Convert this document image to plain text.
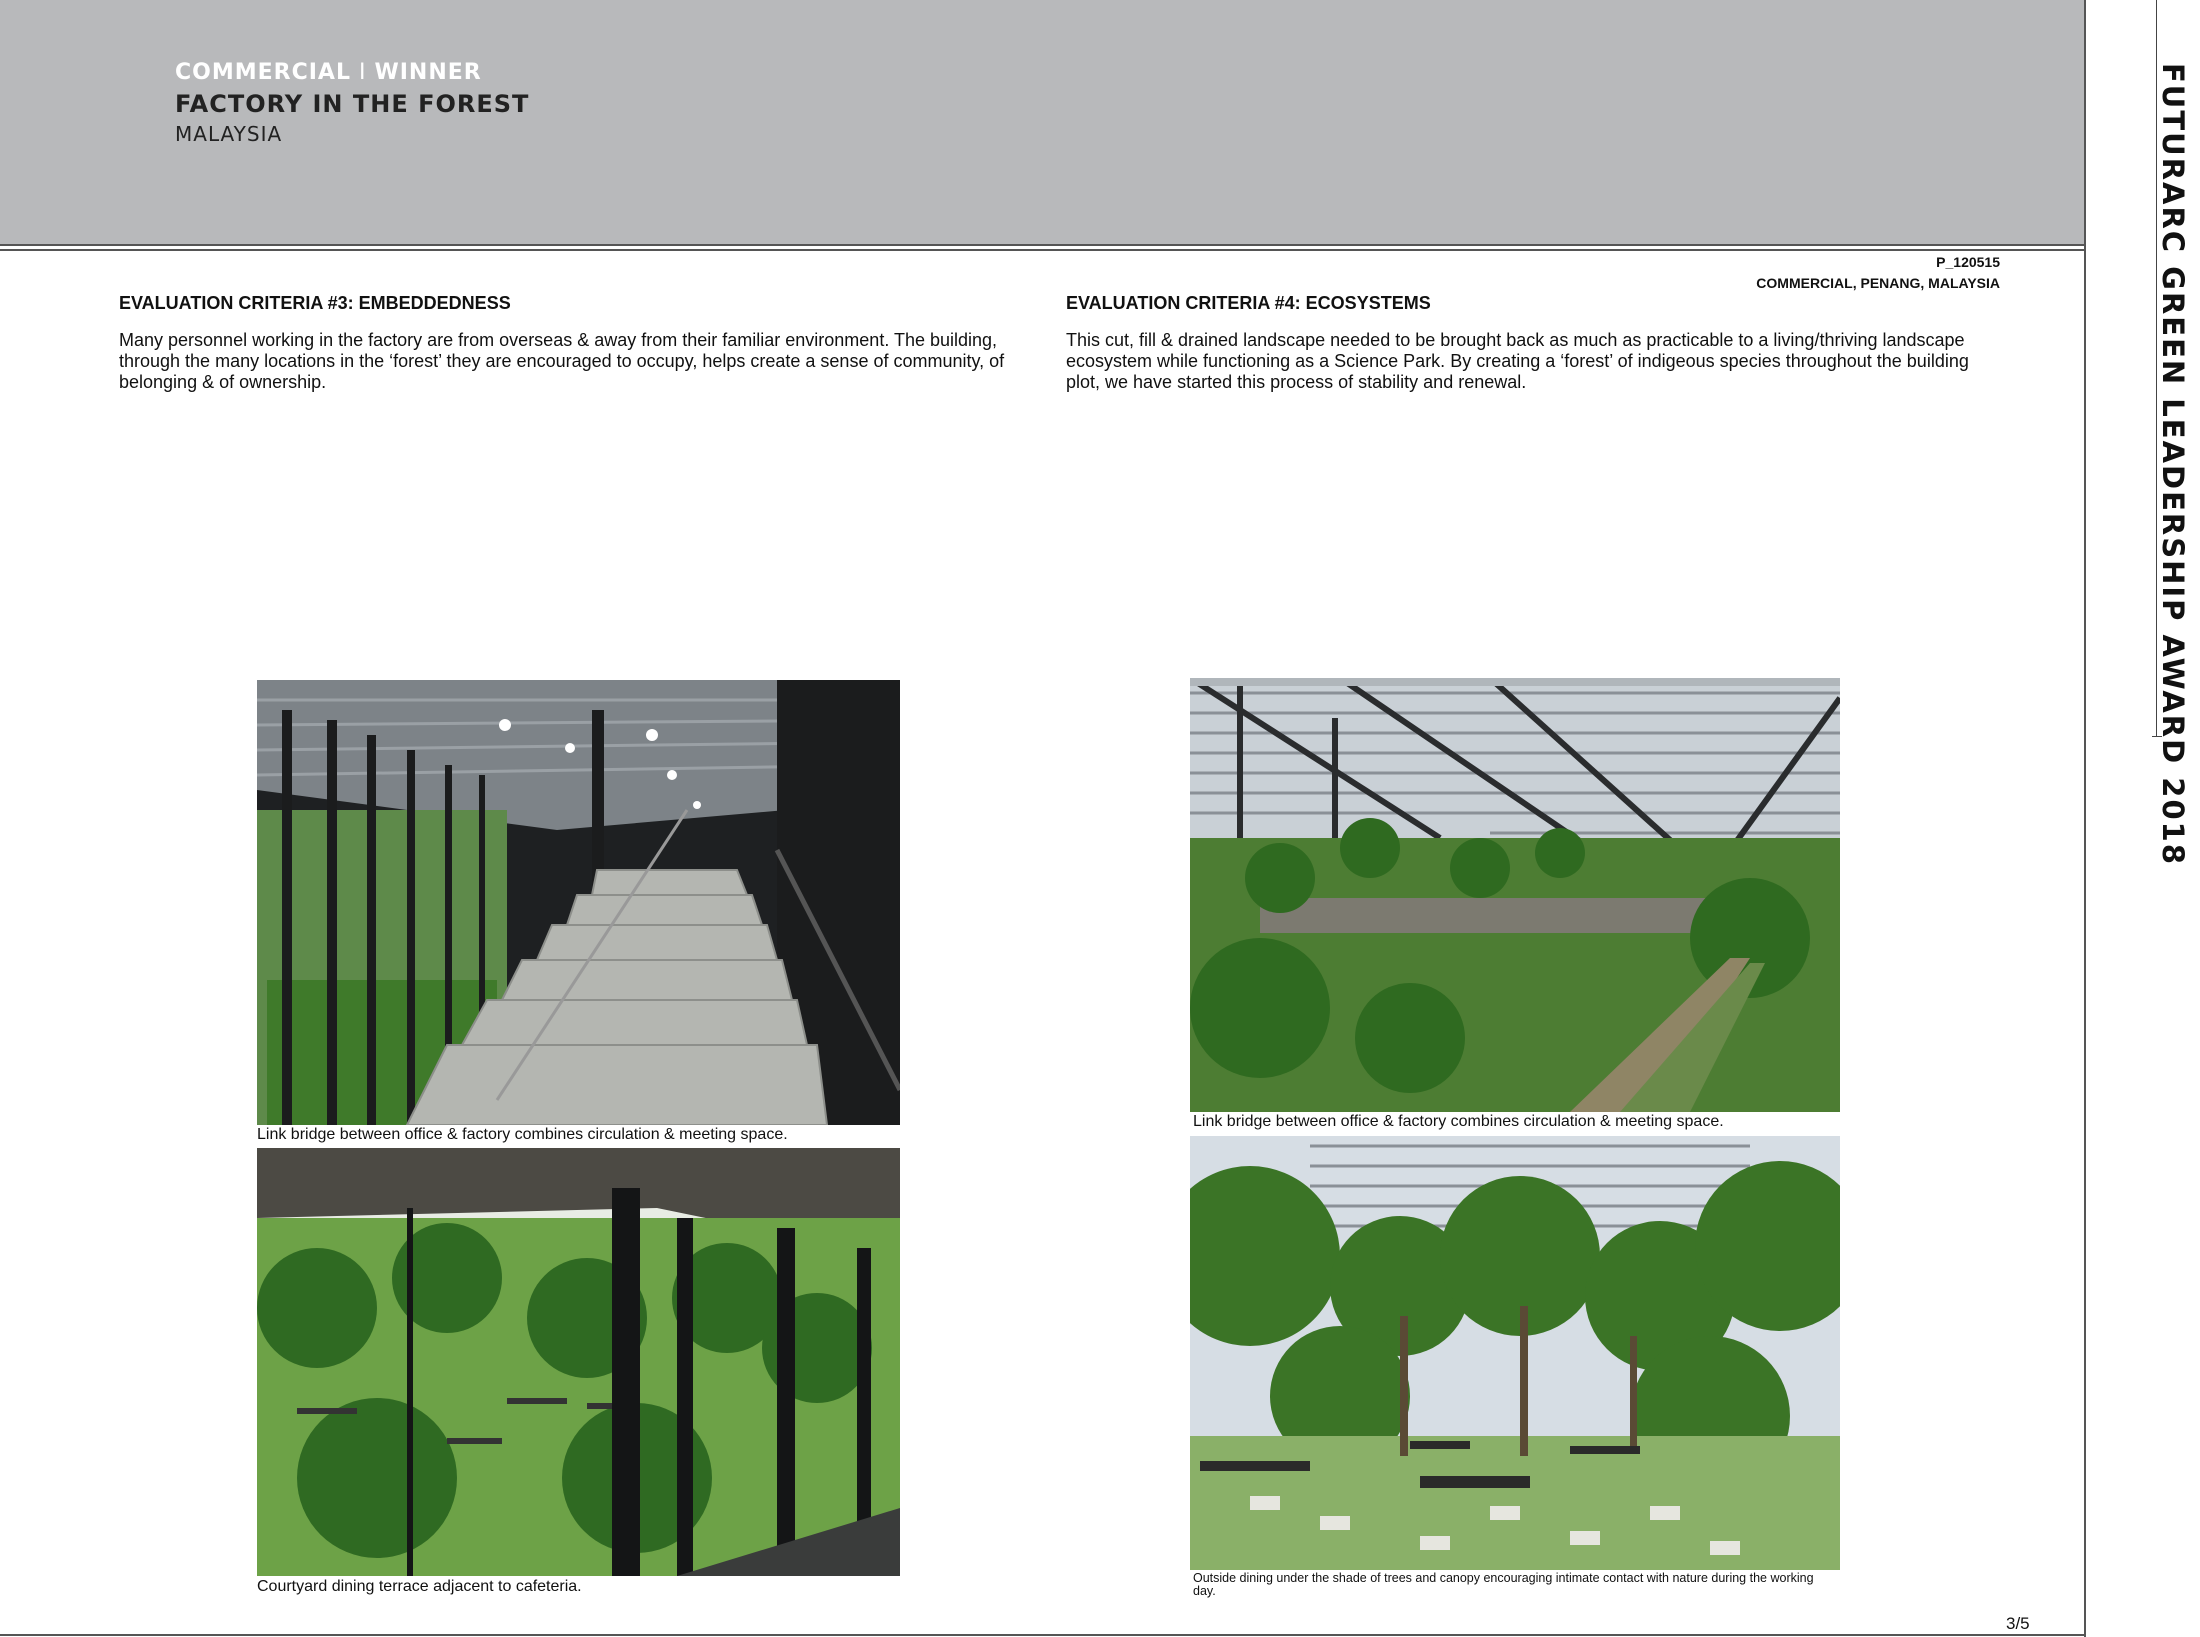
COMMERCIAL I WINNER
FACTORY IN THE FOREST
MALAYSIA	FUTURARC GREEN LEADERSHIP AWARD 2018
P_120515
COMMERCIAL, PENANG, MALAYSIA
EVALUATION CRITERIA #3: EMBEDDEDNESS
Many personnel working in the factory are from overseas & away from their familiar environment. The building, through the many locations in the ‘forest’ they are encouraged to occupy, helps create a sense of community, of belonging & of ownership.
EVALUATION CRITERIA #4: ECOSYSTEMS
This cut, fill & drained landscape needed to be brought back as much as practicable to a living/thriving landscape ecosystem while functioning as a Science Park. By creating a ‘forest’ of indigeous species throughout the building plot, we have started this process of stability and renewal.
Link bridge between office & factory combines circulation & meeting space.
Link bridge between office & factory combines circulation & meeting space.
Courtyard dining terrace adjacent to cafeteria.	Outside dining under the shade of trees and canopy encouraging intimate contact with nature during the working day.
3/5
